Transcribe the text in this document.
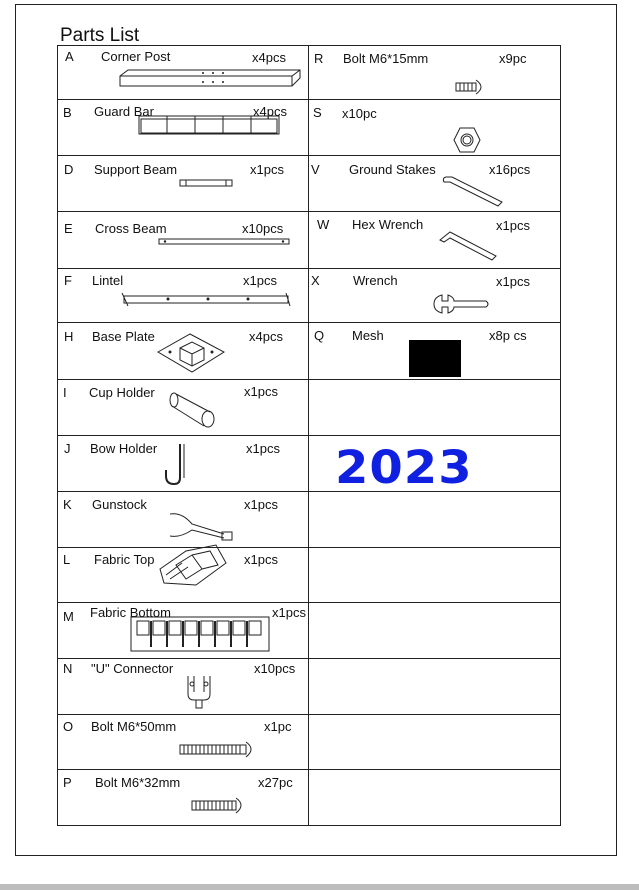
Parts List
A Corner Post	x4pcs
B Guard Bar	x4pcs
D Support Beam	x1pcs
E Cross Beam	x10pcs
F Lintel	x1pcs
H Base Plate	x4pcs
I Cup Holder	x1pcs
J Bow Holder	x1pcs
K Gunstock	x1pcs
L Fabric Top	x1pcs
M Fabric Bottom	x1pcs
N "U" Connector	x10pcs
O Bolt M6*50mm	x1pc
P Bolt M6*32mm	x27pc
R Bolt M6*15mm	x9pc
S x10pc
V Ground Stakes	x16pcs
W Hex Wrench	x1pcs
X	Wrench	x1pcs
Q Mesh	x8p cs
2023
